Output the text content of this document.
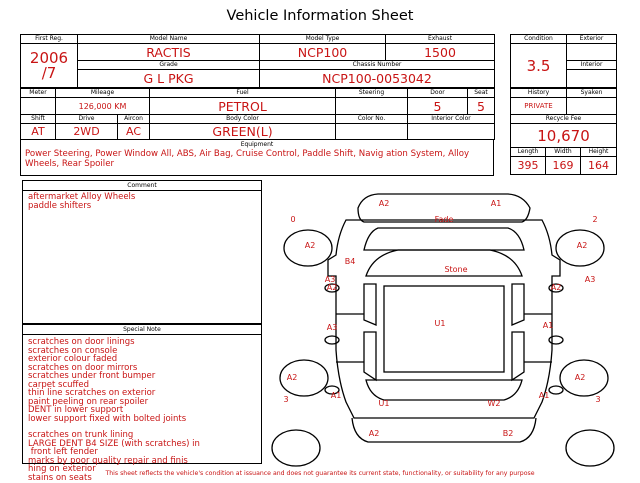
Vehicle Information Sheet
First Reg.	Model Name	Model Type	Exhaust

2006
/7	RACTIS	NCP100	1500
	Grade	Chassis Number	
	G L PKG	NCP100-0053042	
Condition	Exterior
3.5	
	Interior

Meter	Mileage		Fuel	Steering	Door	Seat
	126,000 KM		PETROL		5	5
Shift	Drive	Aircon	Body Color	Color No.	Interior Color	
AT	2WD	AC	GREEN(L)			
History	Syaken
PRIVATE	
Recycle Fee	
10,670	
Equipment
Power Steering, Power Window All, ABS, Air Bag, Cruise Control, Paddle Shift, Navig ation System, Alloy Wheels, Rear Spoiler
Length	Width	Height
395	169	164
Comment
aftermarket Alloy Wheels
paddle shifters
Special Note
scratches on door linings
scratches on console
exterior colour faded
scratches on door mirrors
scratches under front bumper
carpet scuffed
thin line scratches on exterior
paint peeling on rear spoiler
DENT in lower support
lower support fixed with bolted joints
scratches on trunk lining
LARGE DENT B4 SIZE (with scratches) in
front left fender
marks by poor quality repair and finis
hing on exterior
stains on seats
0	2
3	3
A2	A1
Fade
A2	A2
B4
A3	A3
Stone
A2	A2
A3	A1
U1
A2	A2
A1	A1
U1	W2
A2	B2
This sheet reflects the vehicle's condition at issuance and does not guarantee its current state, functionality, or suitability for any purpose
